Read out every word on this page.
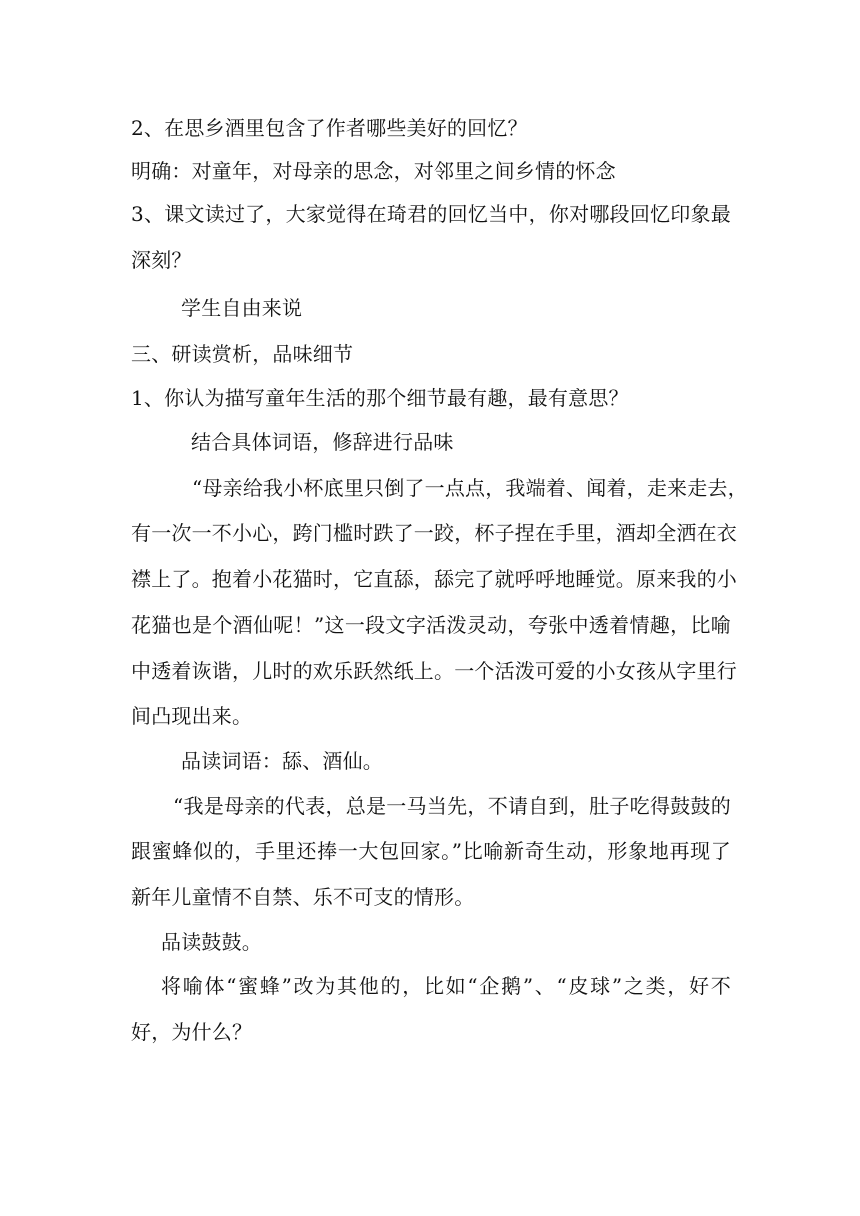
2、在思乡酒里包含了作者哪些美好的回忆？
明确：对童年，对母亲的思念，对邻里之间乡情的怀念
3、课文读过了，大家觉得在琦君的回忆当中，你对哪段回忆印象最
深刻？
学生自由来说
三、研读赏析，品味细节
1、你认为描写童年生活的那个细节最有趣，最有意思？
结合具体词语，修辞进行品味
“母亲给我小杯底里只倒了一点点，我端着、闻着，走来走去，
有一次一不小心，跨门槛时跌了一跤，杯子捏在手里，酒却全洒在衣
襟上了。抱着小花猫时，它直舔，舔完了就呼呼地睡觉。原来我的小
花猫也是个酒仙呢！”这一段文字活泼灵动，夸张中透着情趣，比喻
中透着诙谐，儿时的欢乐跃然纸上。一个活泼可爱的小女孩从字里行
间凸现出来。
品读词语：舔、酒仙。
“我是母亲的代表，总是一马当先，不请自到，肚子吃得鼓鼓的
跟蜜蜂似的，手里还捧一大包回家。”比喻新奇生动，形象地再现了
新年儿童情不自禁、乐不可支的情形。
品读鼓鼓。
将喻体“蜜蜂”改为其他的，比如“企鹅”、“皮球”之类，好不
好，为什么？
